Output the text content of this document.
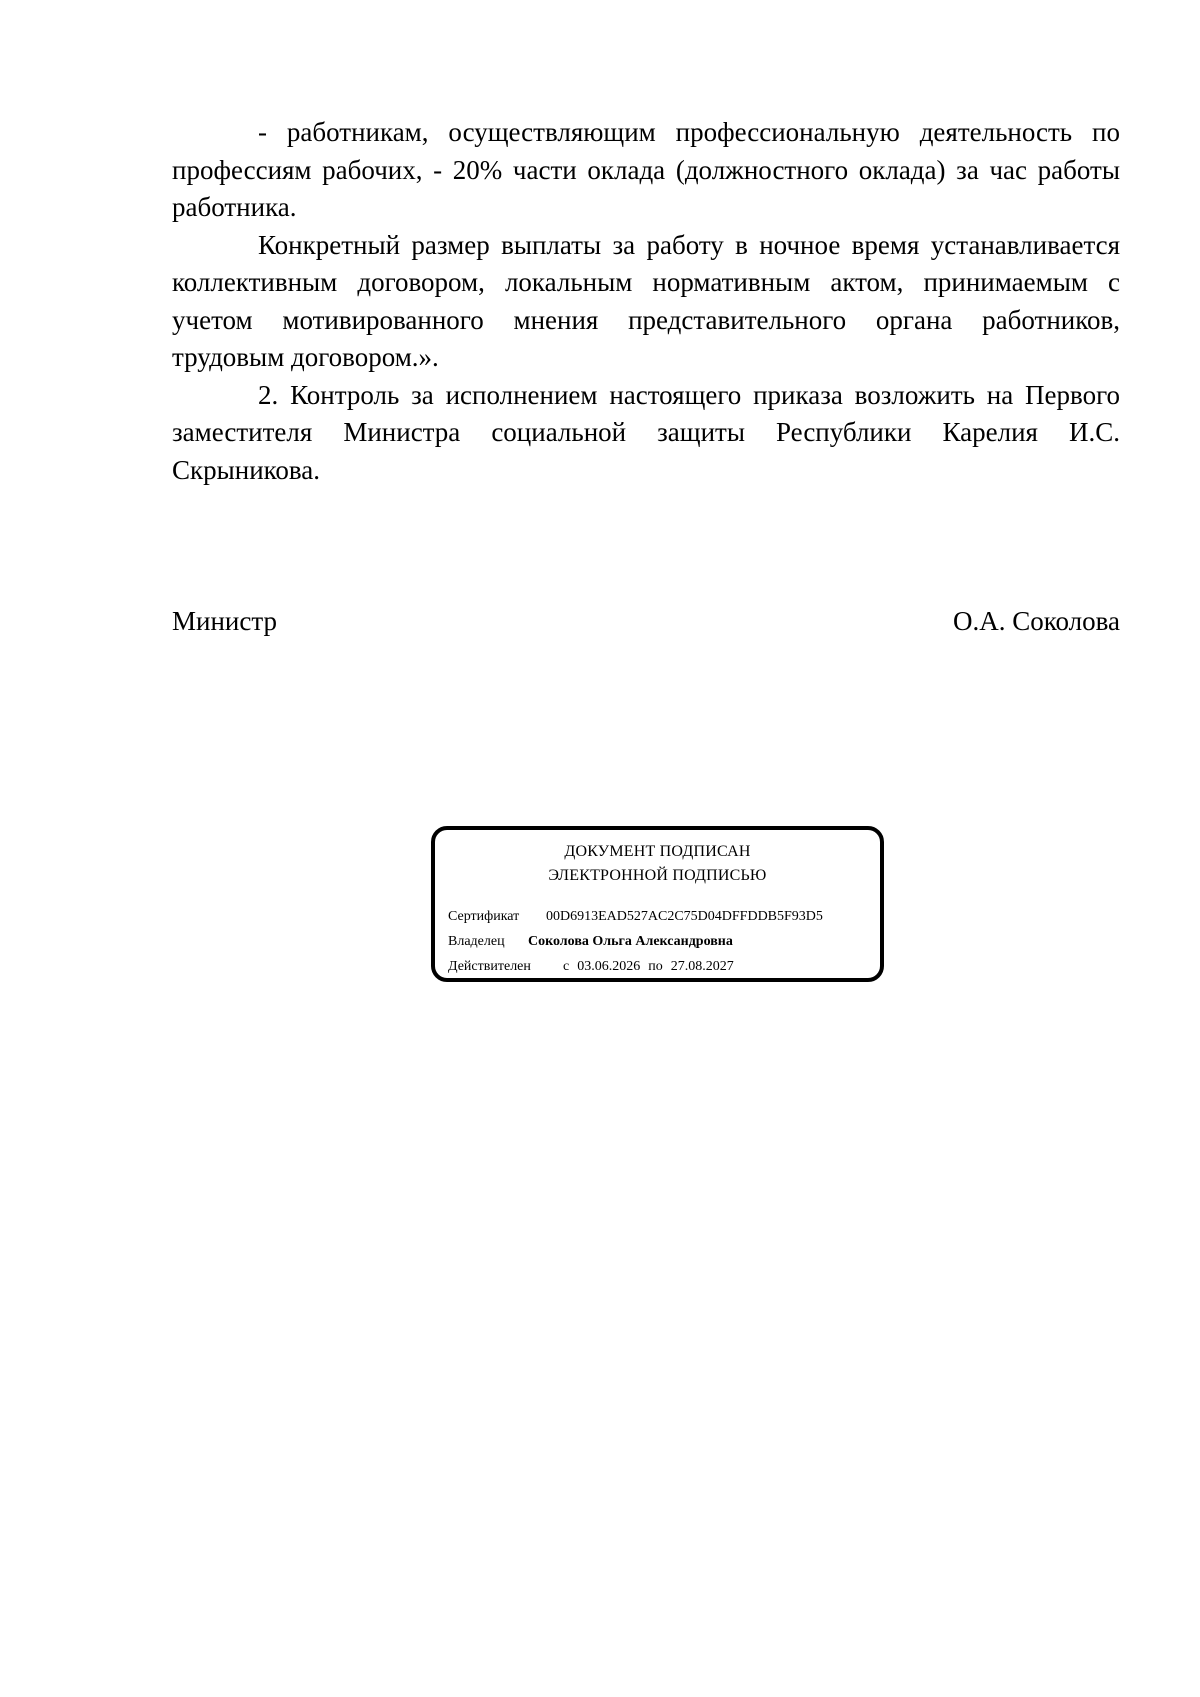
- работникам, осуществляющим профессиональную деятельность по профессиям рабочих, - 20% части оклада (должностного оклада) за час работы работника.

Конкретный размер выплаты за работу в ночное время устанавливается коллективным договором, локальным нормативным актом, принимаемым с учетом мотивированного мнения представительного органа работников, трудовым договором.».

2. Контроль за исполнением настоящего приказа возложить на Первого заместителя Министра социальной защиты Республики Карелия И.С. Скрыникова.

Министр	О.А. Соколова
ДОКУМЕНТ ПОДПИСАН
ЭЛЕКТРОННОЙ ПОДПИСЬЮ
Сертификат 00D6913EAD527AC2C75D04DFFDDB5F93D5
Владелец Соколова Ольга Александровна
Действителен с 03.06.2026 по 27.08.2027
